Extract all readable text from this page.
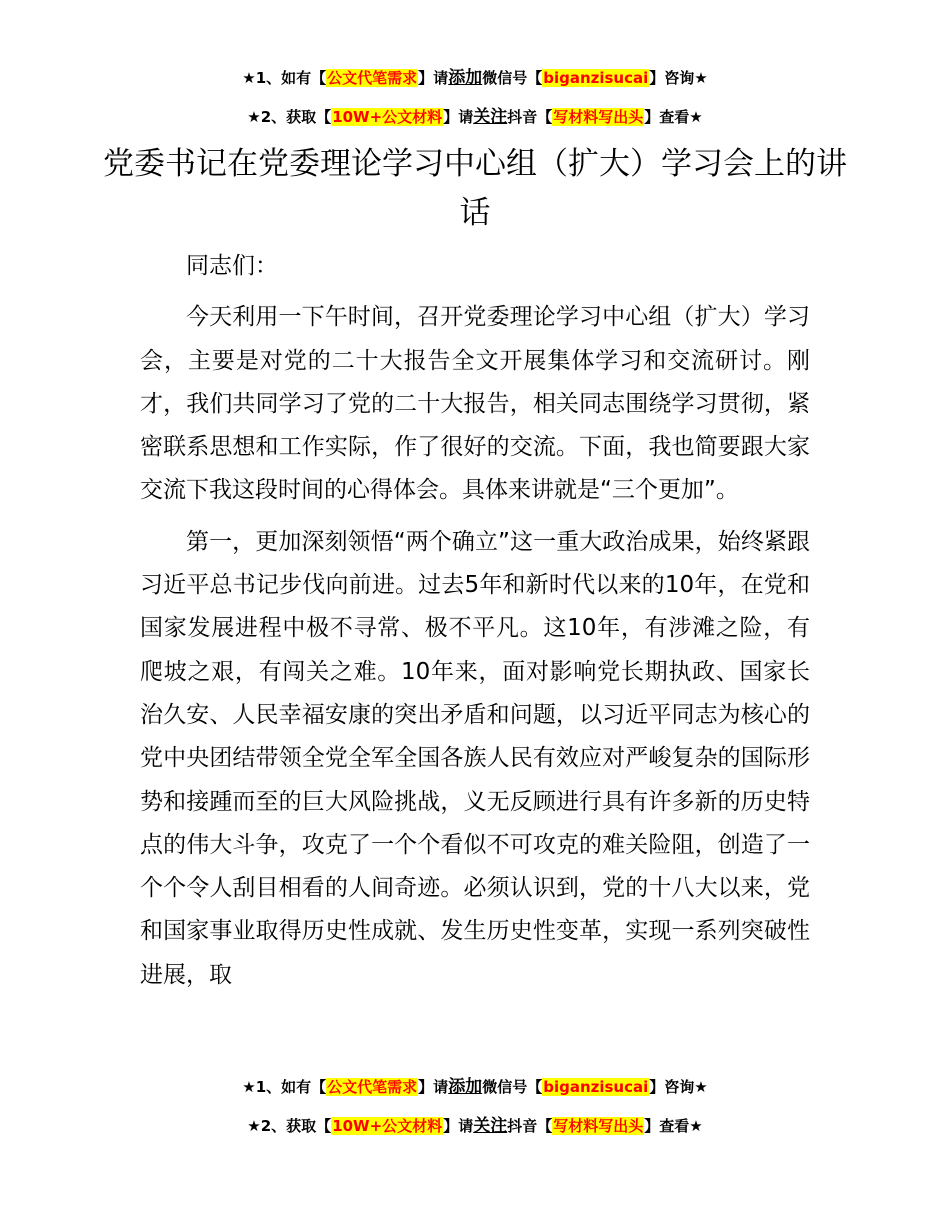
★1、如有【公文代笔需求】请添加微信号【biganzisucai】咨询★
★2、获取【10W+公文材料】请关注抖音【写材料写出头】查看★
党委书记在党委理论学习中心组（扩大）学习会上的讲话

同志们：

今天利用一下午时间，召开党委理论学习中心组（扩大）学习会，主要是对党的二十大报告全文开展集体学习和交流研讨。刚才，我们共同学习了党的二十大报告，相关同志围绕学习贯彻，紧密联系思想和工作实际，作了很好的交流。下面，我也简要跟大家交流下我这段时间的心得体会。具体来讲就是“三个更加”。

第一，更加深刻领悟“两个确立”这一重大政治成果，始终紧跟习近平总书记步伐向前进。过去5年和新时代以来的10年，在党和国家发展进程中极不寻常、极不平凡。这10年，有涉滩之险，有爬坡之艰，有闯关之难。10年来，面对影响党长期执政、国家长治久安、人民幸福安康的突出矛盾和问题，以习近平同志为核心的党中央团结带领全党全军全国各族人民有效应对严峻复杂的国际形势和接踵而至的巨大风险挑战，义无反顾进行具有许多新的历史特点的伟大斗争，攻克了一个个看似不可攻克的难关险阻，创造了一个个令人刮目相看的人间奇迹。必须认识到，党的十八大以来，党和国家事业取得历史性成就、发生历史性变革，实现一系列突破性进展，取

★1、如有【公文代笔需求】请添加微信号【biganzisucai】咨询★
★2、获取【10W+公文材料】请关注抖音【写材料写出头】查看★
